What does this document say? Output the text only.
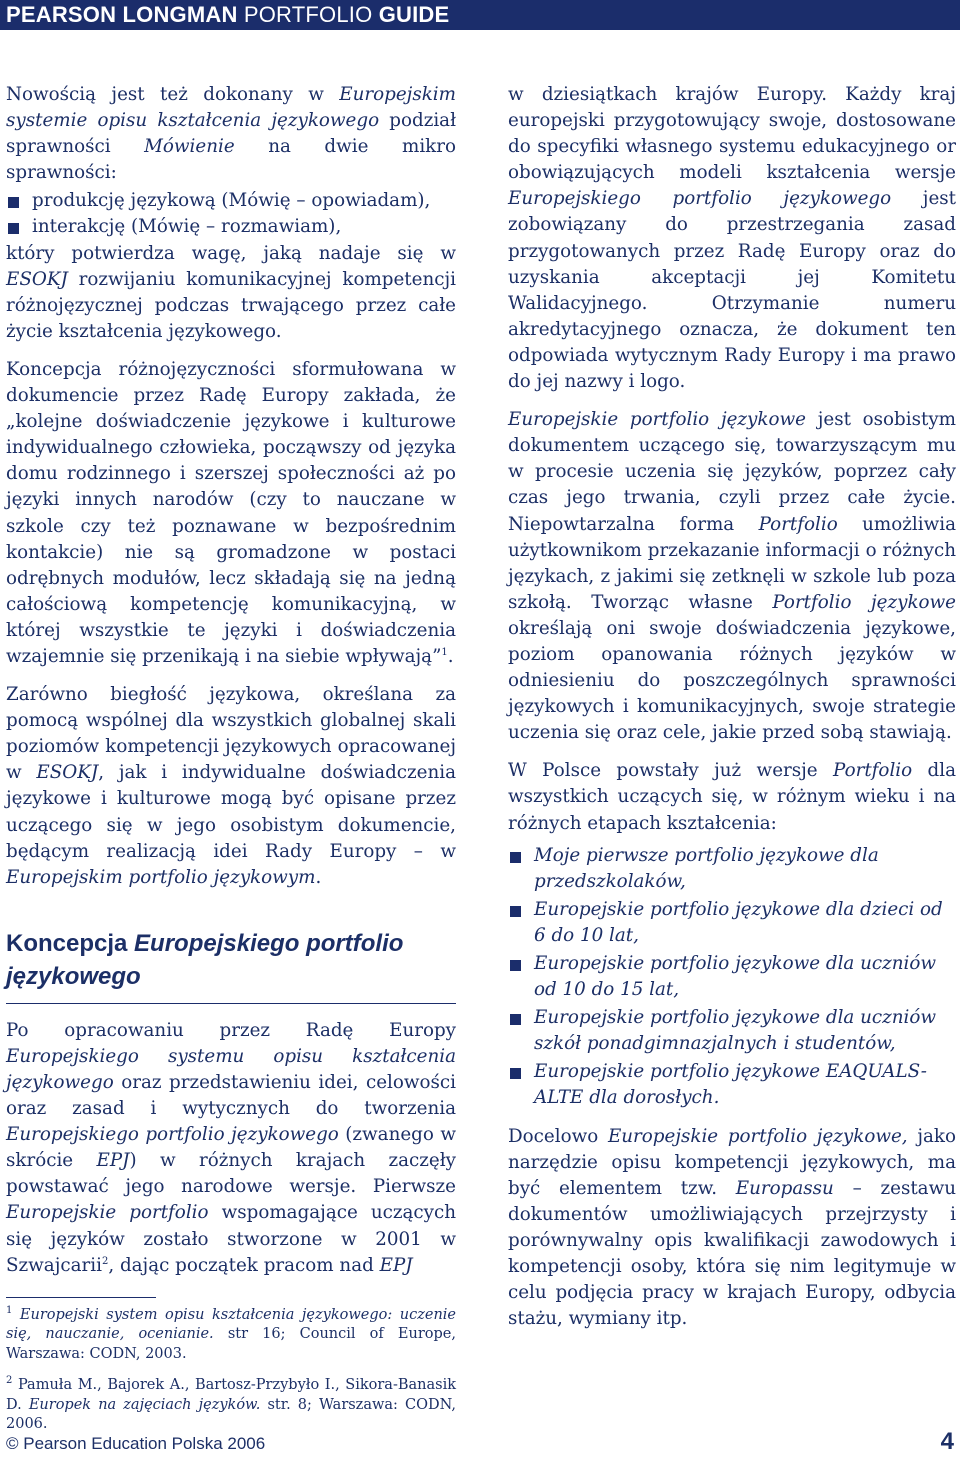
PEARSON LONGMAN PORTFOLIO GUIDE

Nowością jest też dokonany w Europejskim systemie opisu kształcenia językowego podział sprawności Mówienie na dwie mikro sprawności:

produkcję językową (Mówię – opowiadam),
interakcję (Mówię – rozmawiam),

który potwierdza wagę, jaką nadaje się w ESOKJ rozwijaniu komunikacyjnej kompetencji różnojęzycznej podczas trwającego przez całe życie kształcenia językowego.

Koncepcja różnojęzyczności sformułowana w dokumencie przez Radę Europy zakłada, że „kolejne doświadczenie językowe i kulturowe indywidualnego człowieka, począwszy od języka domu rodzinnego i szerszej społeczności aż po języki innych narodów (czy to nauczane w szkole czy też poznawane w bezpośrednim kontakcie) nie są gromadzone w postaci odrębnych modułów, lecz składają się na jedną całościową kompetencję komunikacyjną, w której wszystkie te języki i doświadczenia wzajemnie się przenikają i na siebie wpływają”$^1$.

Zarówno biegłość językowa, określana za pomocą wspólnej dla wszystkich globalnej skali poziomów kompetencji językowych opracowanej w ESOKJ, jak i indywidualne doświadczenia językowe i kulturowe mogą być opisane przez uczącego się w jego osobistym dokumencie, będącym realizacją idei Rady Europy – w Europejskim portfolio językowym.

Koncepcja Europejskiego portfolio językowego

Po opracowaniu przez Radę Europy Europejskiego systemu opisu kształcenia językowego oraz przedstawieniu idei, celowości oraz zasad i wytycznych do tworzenia Europejskiego portfolio językowego (zwanego w skrócie EPJ) w różnych krajach zaczęły powstawać jego narodowe wersje. Pierwsze Europejskie portfolio wspomagające uczących się języków zostało stworzone w 2001 w Szwajcarii$^2$, dając początek pracom nad EPJ

$^1$ Europejski system opisu kształcenia językowego: uczenie się, nauczanie, ocenianie. str 16; Council of Europe, Warszawa: CODN, 2003.

$^2$ Pamuła M., Bajorek A., Bartosz-Przybyło I., Sikora-Banasik D. Europek na zajęciach języków. str. 8; Warszawa: CODN, 2006.

w dziesiątkach krajów Europy. Każdy kraj europejski przygotowujący swoje, dostosowane do specyfiki własnego systemu edukacyjnego or obowiązujących modeli kształcenia wersje Europejskiego portfolio językowego jest zobowiązany do przestrzegania zasad przygotowanych przez Radę Europy oraz do uzyskania akceptacji jej Komitetu Walidacyjnego. Otrzymanie numeru akredytacyjnego oznacza, że dokument ten odpowiada wytycznym Rady Europy i ma prawo do jej nazwy i logo.

Europejskie portfolio językowe jest osobistym dokumentem uczącego się, towarzyszącym mu w procesie uczenia się języków, poprzez cały czas jego trwania, czyli przez całe życie. Niepowtarzalna forma Portfolio umożliwia użytkownikom przekazanie informacji o różnych językach, z jakimi się zetknęli w szkole lub poza szkołą. Tworząc własne Portfolio językowe określają oni swoje doświadczenia językowe, poziom opanowania różnych języków w odniesieniu do poszczególnych sprawności językowych i komunikacyjnych, swoje strategie uczenia się oraz cele, jakie przed sobą stawiają.

W Polsce powstały już wersje Portfolio dla wszystkich uczących się, w różnym wieku i na różnych etapach kształcenia:

Moje pierwsze portfolio językowe dla przedszkolaków,
Europejskie portfolio językowe dla dzieci od 6 do 10 lat,
Europejskie portfolio językowe dla uczniów od 10 do 15 lat,
Europejskie portfolio językowe dla uczniów szkół ponadgimnazjalnych i studentów,
Europejskie portfolio językowe EAQUALS-ALTE dla dorosłych.

Docelowo Europejskie portfolio językowe, jako narzędzie opisu kompetencji językowych, ma być elementem tzw. Europassu – zestawu dokumentów umożliwiających przejrzysty i porównywalny opis kwalifikacji zawodowych i kompetencji osoby, która się nim legitymuje w celu podjęcia pracy w krajach Europy, odbycia stażu, wymiany itp.

© Pearson Education Polska 2006	4
